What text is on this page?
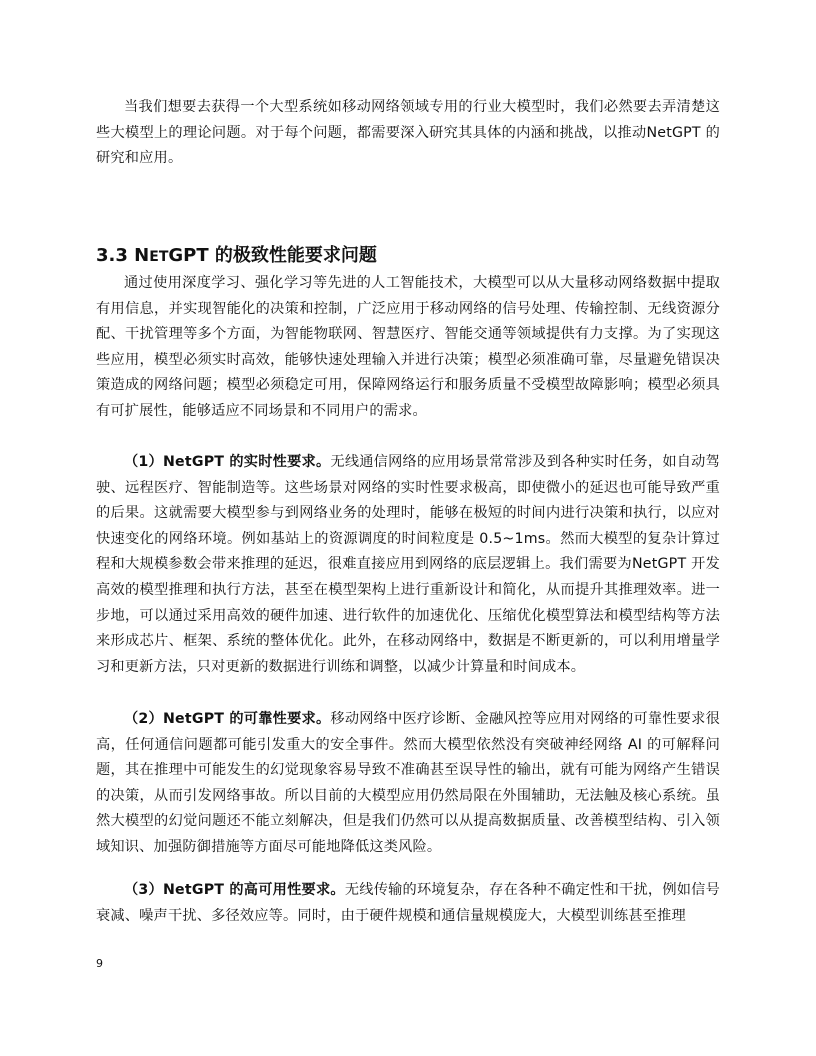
当我们想要去获得一个大型系统如移动网络领域专用的行业大模型时，我们必然要去弄清楚这些大模型上的理论问题。对于每个问题，都需要深入研究其具体的内涵和挑战，以推动NetGPT 的研究和应用。

3.3 NETGPT 的极致性能要求问题

通过使用深度学习、强化学习等先进的人工智能技术，大模型可以从大量移动网络数据中提取有用信息，并实现智能化的决策和控制，广泛应用于移动网络的信号处理、传输控制、无线资源分配、干扰管理等多个方面，为智能物联网、智慧医疗、智能交通等领域提供有力支撑。为了实现这些应用，模型必须实时高效，能够快速处理输入并进行决策；模型必须准确可靠，尽量避免错误决策造成的网络问题；模型必须稳定可用，保障网络运行和服务质量不受模型故障影响；模型必须具有可扩展性，能够适应不同场景和不同用户的需求。

（1）NetGPT 的实时性要求。无线通信网络的应用场景常常涉及到各种实时任务，如自动驾驶、远程医疗、智能制造等。这些场景对网络的实时性要求极高，即使微小的延迟也可能导致严重的后果。这就需要大模型参与到网络业务的处理时，能够在极短的时间内进行决策和执行，以应对快速变化的网络环境。例如基站上的资源调度的时间粒度是 0.5~1ms。然而大模型的复杂计算过程和大规模参数会带来推理的延迟，很难直接应用到网络的底层逻辑上。我们需要为NetGPT 开发高效的模型推理和执行方法，甚至在模型架构上进行重新设计和简化，从而提升其推理效率。进一步地，可以通过采用高效的硬件加速、进行软件的加速优化、压缩优化模型算法和模型结构等方法来形成芯片、框架、系统的整体优化。此外，在移动网络中，数据是不断更新的，可以利用增量学习和更新方法，只对更新的数据进行训练和调整，以减少计算量和时间成本。

（2）NetGPT 的可靠性要求。移动网络中医疗诊断、金融风控等应用对网络的可靠性要求很高，任何通信问题都可能引发重大的安全事件。然而大模型依然没有突破神经网络 AI 的可解释问题，其在推理中可能发生的幻觉现象容易导致不准确甚至误导性的输出，就有可能为网络产生错误的决策，从而引发网络事故。所以目前的大模型应用仍然局限在外围辅助，无法触及核心系统。虽然大模型的幻觉问题还不能立刻解决，但是我们仍然可以从提高数据质量、改善模型结构、引入领域知识、加强防御措施等方面尽可能地降低这类风险。

（3）NetGPT 的高可用性要求。无线传输的环境复杂，存在各种不确定性和干扰，例如信号衰减、噪声干扰、多径效应等。同时，由于硬件规模和通信量规模庞大，大模型训练甚至推理

9
